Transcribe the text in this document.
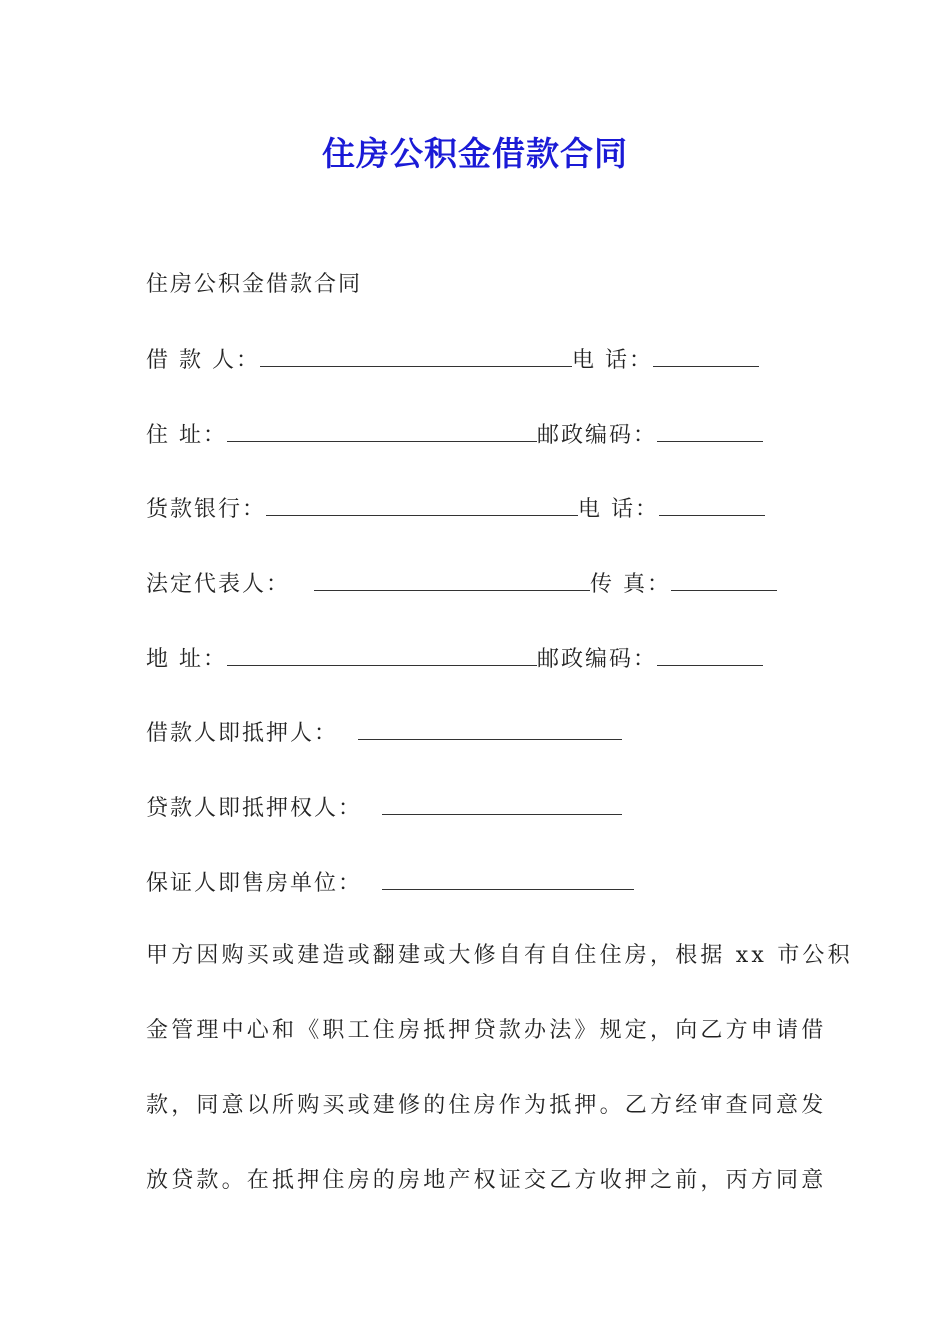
住房公积金借款合同
住房公积金借款合同
借 款 人：	电 话：
住 址：	邮政编码：
货款银行：	电 话：
法定代表人：	传 真：
地 址：	邮政编码：
借款人即抵押人：
贷款人即抵押权人：
保证人即售房单位：
甲方因购买或建造或翻建或大修自有自住住房，根据 xx 市公积
金管理中心和《职工住房抵押贷款办法》规定，向乙方申请借
款，同意以所购买或建修的住房作为抵押。乙方经审查同意发
放贷款。在抵押住房的房地产权证交乙方收押之前，丙方同意
